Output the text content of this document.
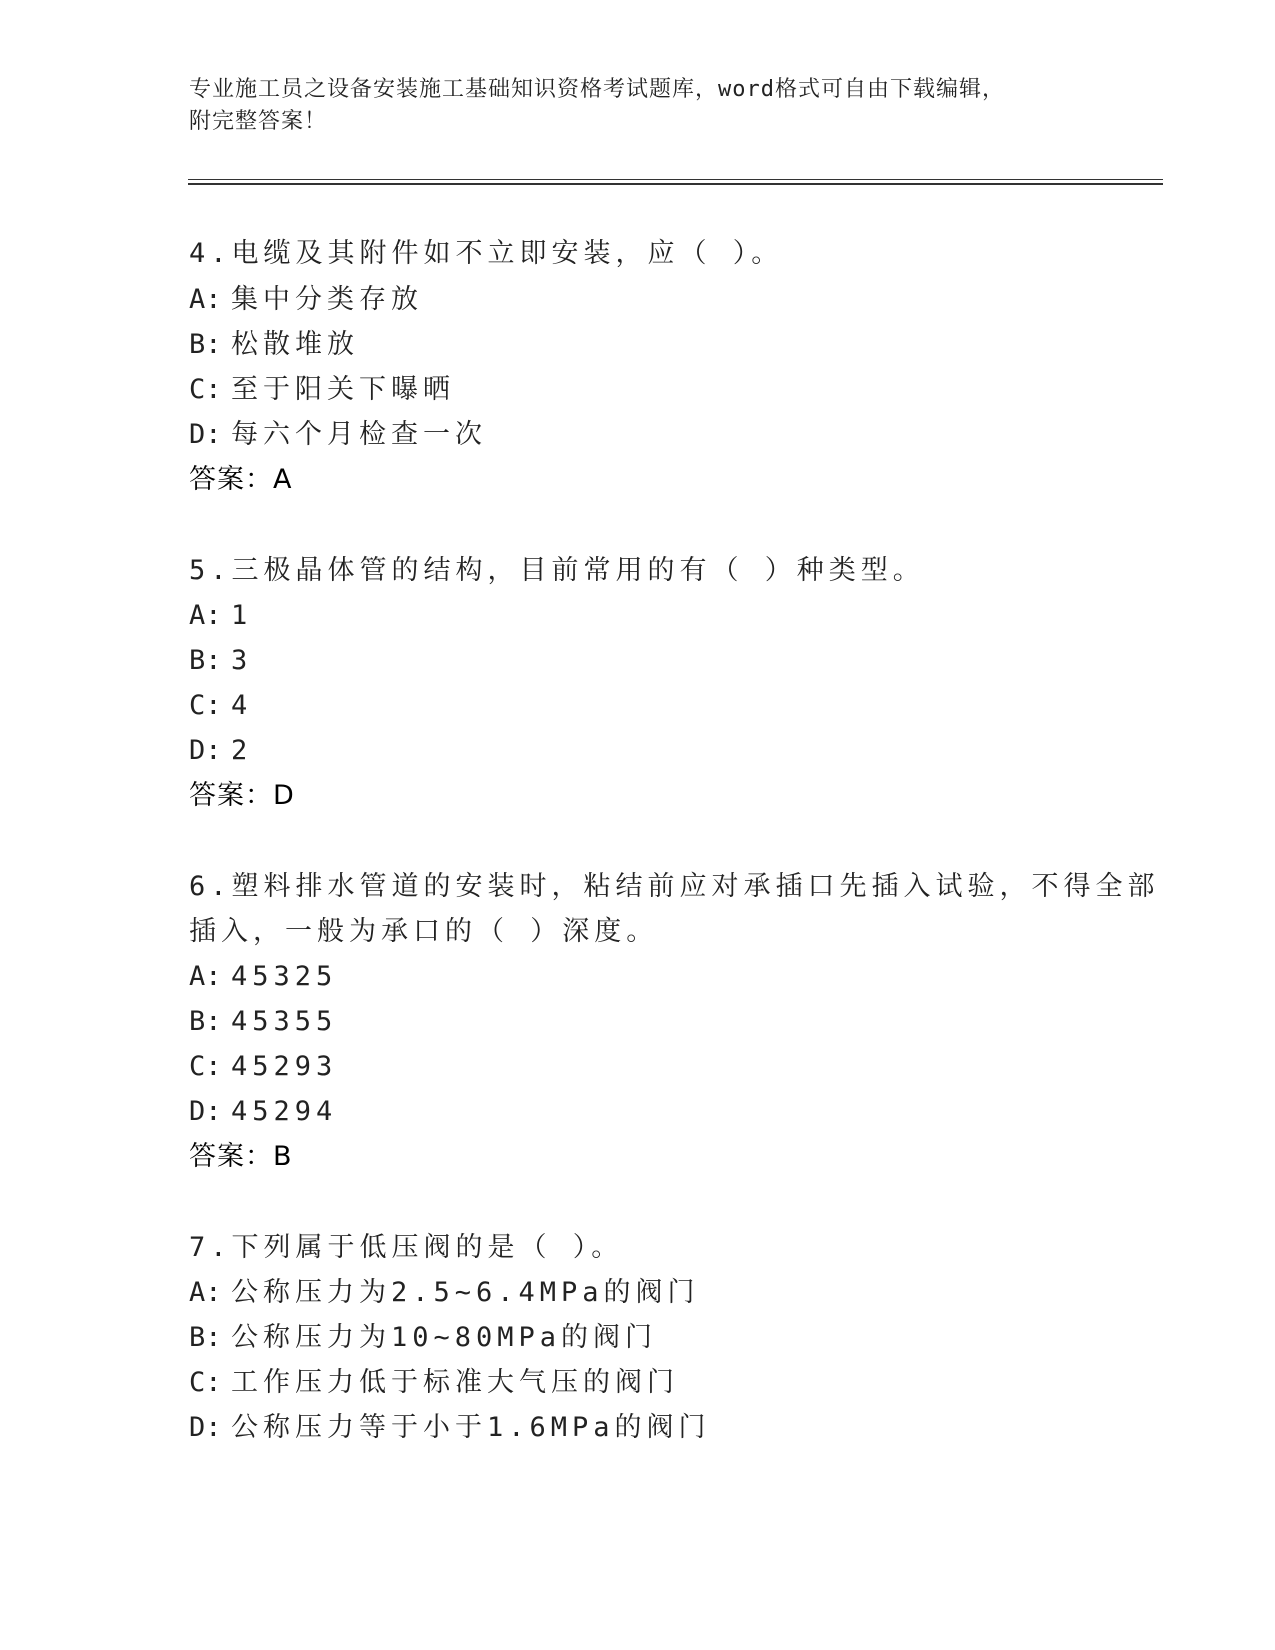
专业施工员之设备安装施工基础知识资格考试题库，word格式可自由下载编辑，
附完整答案！
4.电缆及其附件如不立即安装，应（ ）。
A: 集中分类存放
B: 松散堆放
C: 至于阳关下曝晒
D: 每六个月检查一次
答案：A
5.三极晶体管的结构，目前常用的有（ ）种类型。
A: 1
B: 3
C: 4
D: 2
答案：D
6.塑料排水管道的安装时，粘结前应对承插口先插入试验，不得全部
插入，一般为承口的（ ）深度。
A: 45325
B: 45355
C: 45293
D: 45294
答案：B
7.下列属于低压阀的是（ ）。
A: 公称压力为2.5~6.4MPa的阀门
B: 公称压力为10~80MPa的阀门
C: 工作压力低于标准大气压的阀门
D: 公称压力等于小于1.6MPa的阀门
